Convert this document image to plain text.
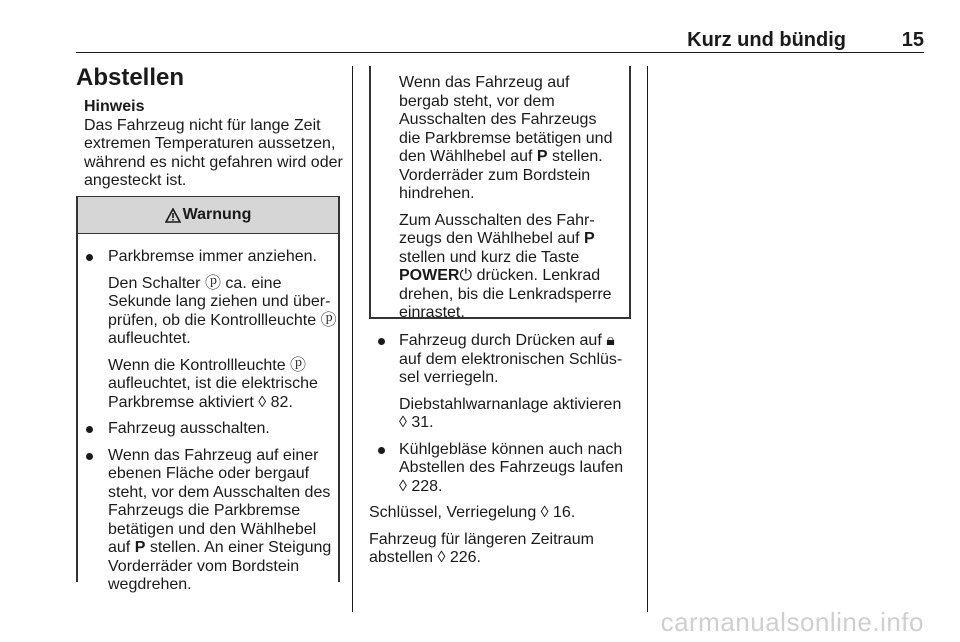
Kurz und bündig	15
Abstellen
Hinweis
Das Fahrzeug nicht für lange Zeit extremen Temperaturen aussetzen, während es nicht gefahren wird oder angesteckt ist.
Warnung
Parkbremse immer anziehen.
Den Schalter ⓟ ca. eine Sekunde lang ziehen und über-prüfen, ob die Kontrollleuchte ⓟ aufleuchtet.
Wenn die Kontrollleuchte ⓟ aufleuchtet, ist die elektrische Parkbremse aktiviert ◊ 82.
Fahrzeug ausschalten.
Wenn das Fahrzeug auf einer ebenen Fläche oder bergauf steht, vor dem Ausschalten des Fahrzeugs die Parkbremse betätigen und den Wählhebel auf P stellen. An einer Steigung Vorderräder vom Bordstein wegdrehen.

Wenn das Fahrzeug auf bergab steht, vor dem Ausschalten des Fahrzeugs die Parkbremse betätigen und den Wählhebel auf P stellen. Vorderräder zum Bordstein hindrehen.

Zum Ausschalten des Fahr-zeugs den Wählhebel auf P stellen und kurz die Taste
POWER⏻ drücken. Lenkrad drehen, bis die Lenkradsperre einrastet.

Fahrzeug durch Drücken auf 🔒︎ auf dem elektronischen Schlüs-sel verriegeln.
Diebstahlwarnanlage aktivieren ◊ 31.
Kühlgebläse können auch nach Abstellen des Fahrzeugs laufen ◊ 228.

Schlüssel, Verriegelung ◊ 16.

Fahrzeug für längeren Zeitraum abstellen ◊ 226.

carmanualsonline.info
